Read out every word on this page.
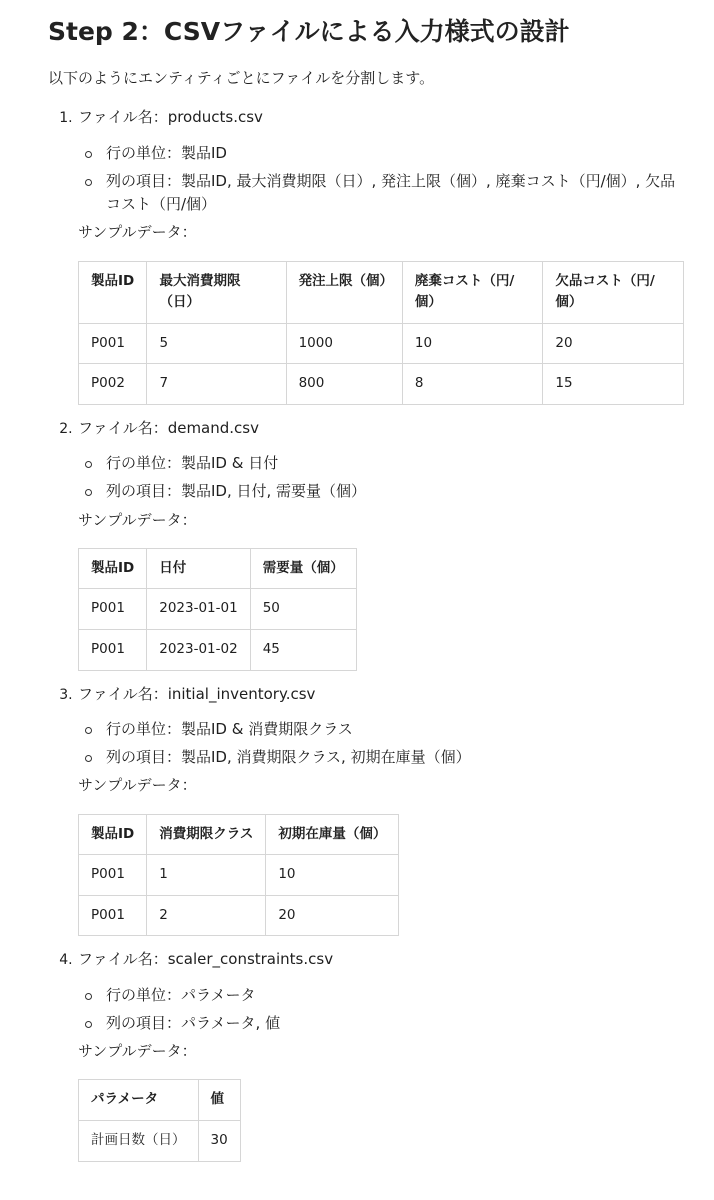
Step 2：CSVファイルによる入力様式の設計

以下のようにエンティティごとにファイルを分割します。

1. ファイル名：products.csv
行の単位：製品ID
列の項目：製品ID, 最大消費期限（日）, 発注上限（個）, 廃棄コスト（円/個）, 欠品コスト（円/個）
サンプルデータ：
製品ID	最大消費期限（日）	発注上限（個）	廃棄コスト（円/個）	欠品コスト（円/個）
P001	5	1000	10	20
P002	7	800	8	15
2. ファイル名：demand.csv
行の単位：製品ID & 日付
列の項目：製品ID, 日付, 需要量（個）
サンプルデータ：
製品ID	日付	需要量（個）
P001	2023-01-01	50
P001	2023-01-02	45
3. ファイル名：initial_inventory.csv
行の単位：製品ID & 消費期限クラス
列の項目：製品ID, 消費期限クラス, 初期在庫量（個）
サンプルデータ：
製品ID	消費期限クラス	初期在庫量（個）
P001	1	10
P001	2	20
4. ファイル名：scaler_constraints.csv
行の単位：パラメータ
列の項目：パラメータ, 値
サンプルデータ：
パラメータ	値
計画日数（日）	30
